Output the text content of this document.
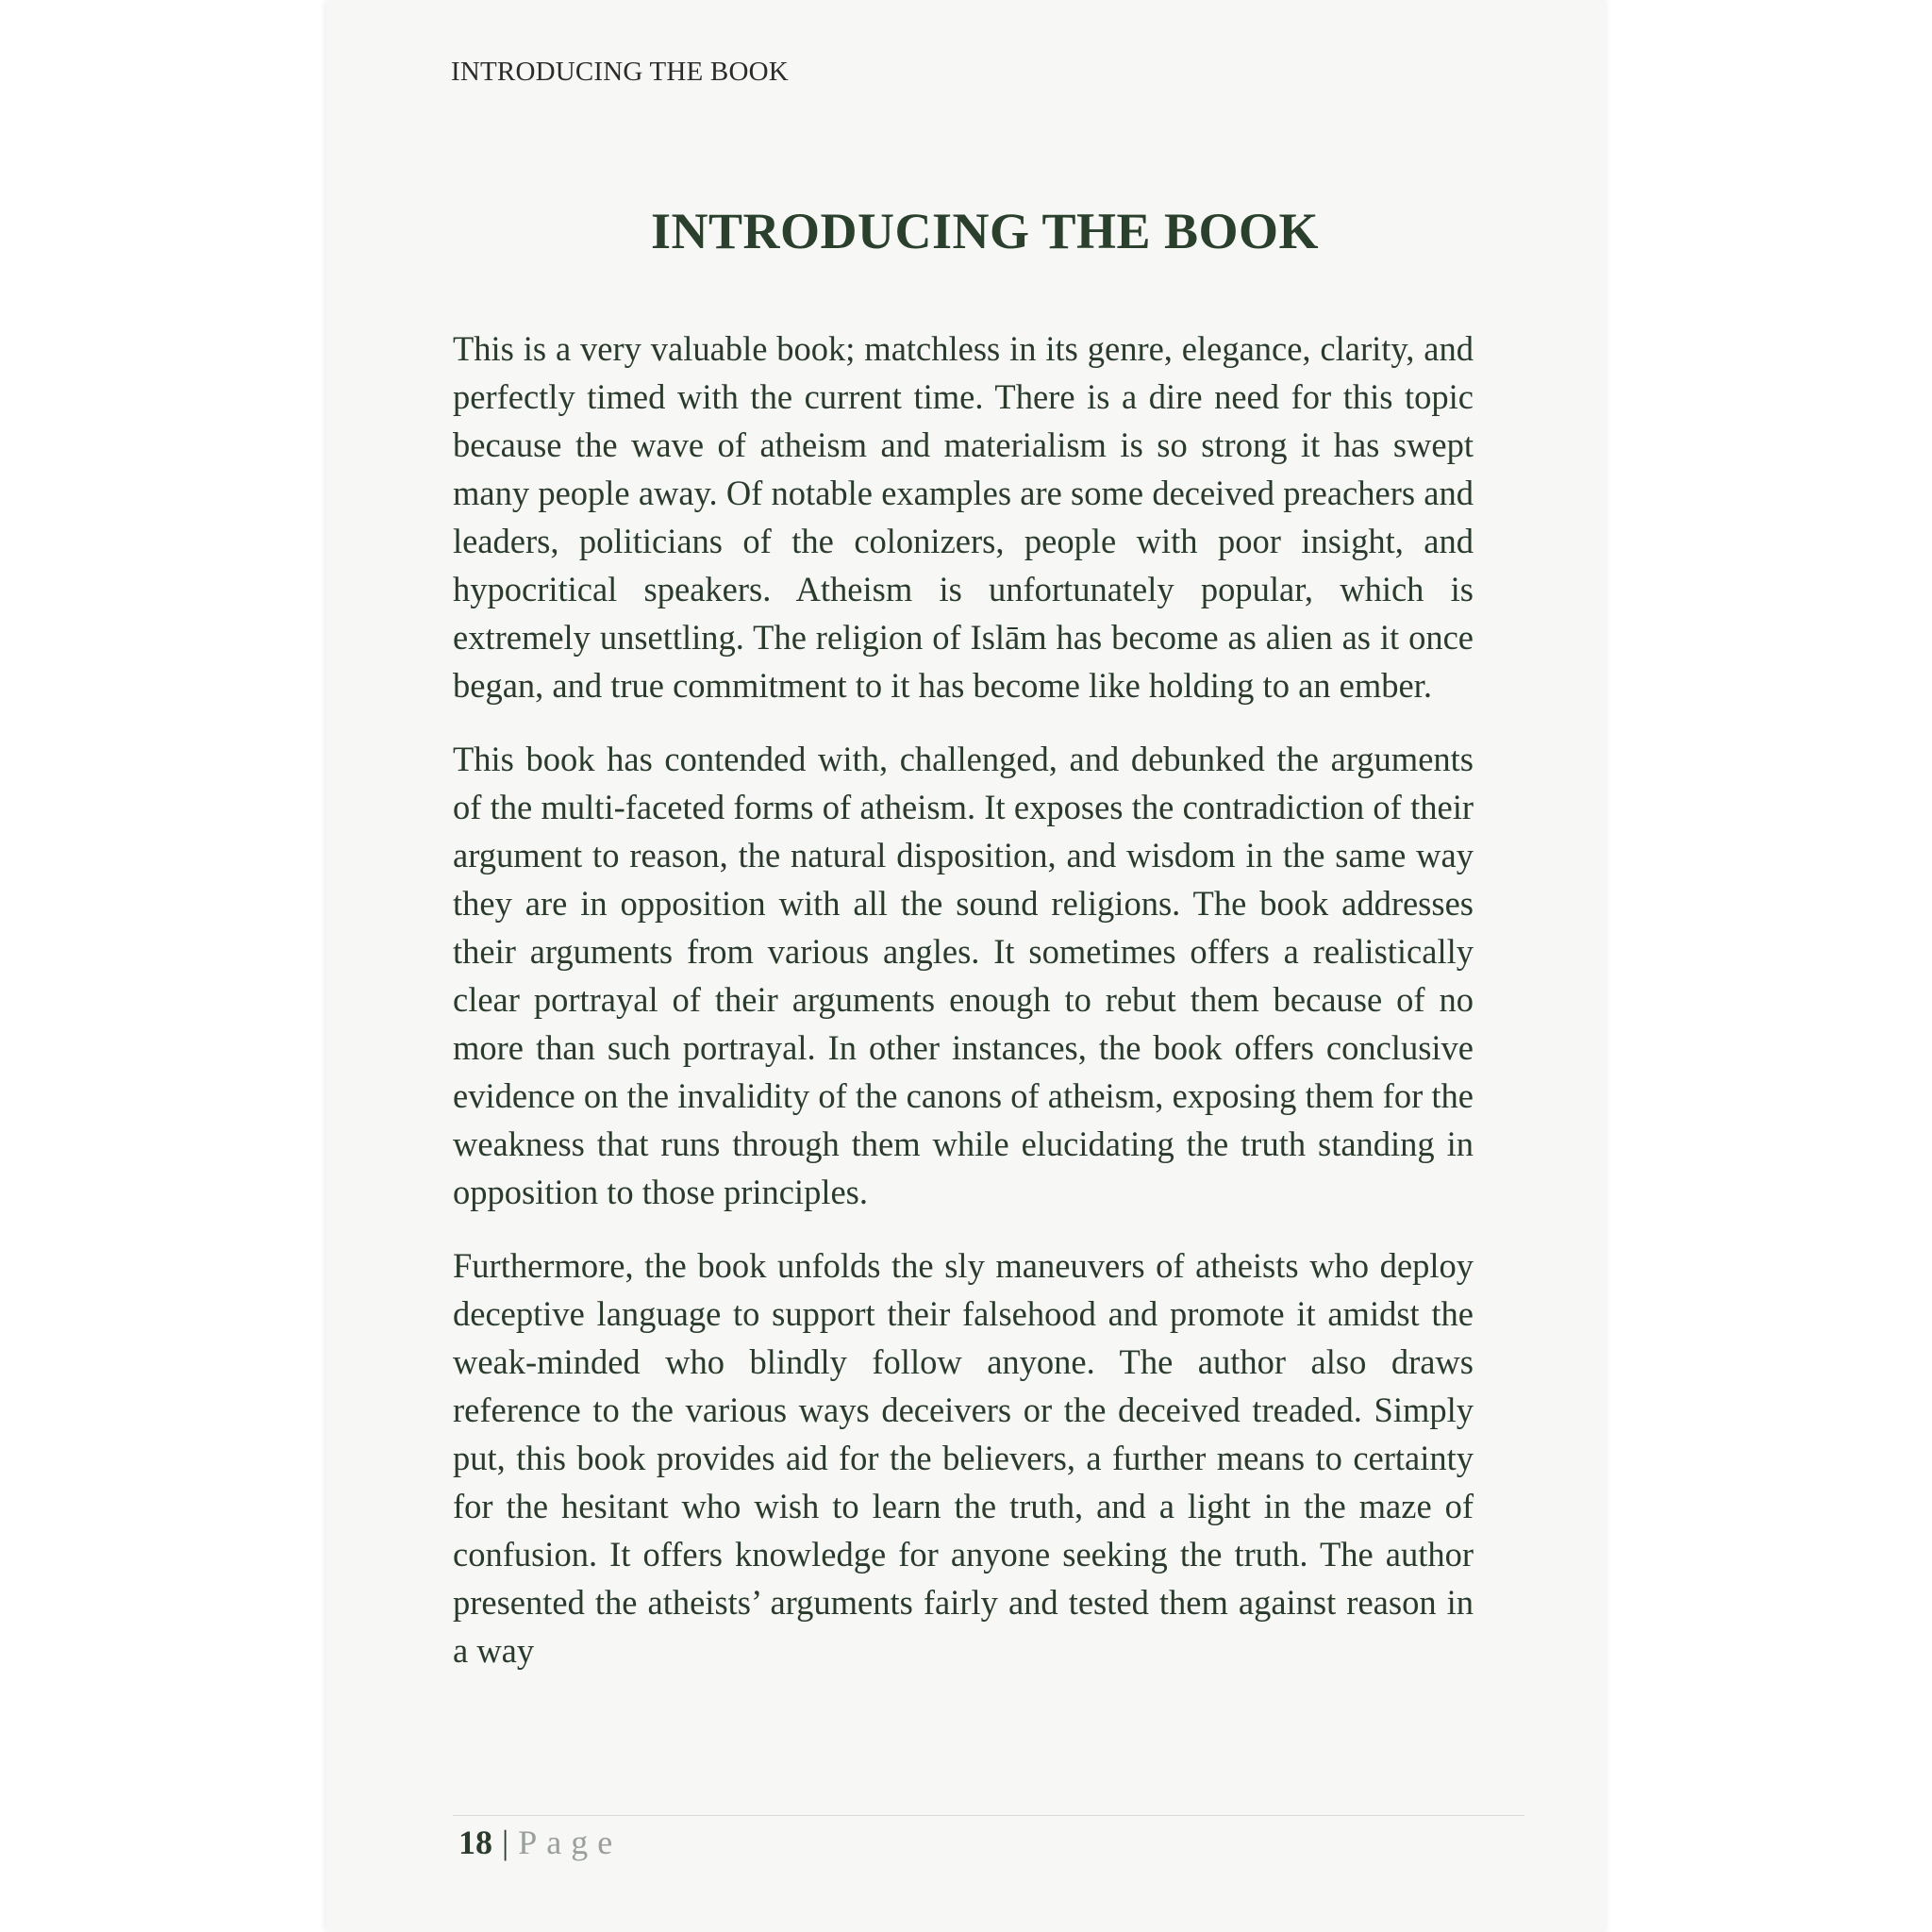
INTRODUCING THE BOOK
INTRODUCING THE BOOK

This is a very valuable book; matchless in its genre, elegance, clarity, and perfectly timed with the current time. There is a dire need for this topic because the wave of atheism and materialism is so strong it has swept many people away. Of notable examples are some deceived preachers and leaders, politicians of the colonizers, people with poor insight, and hypocritical speakers. Atheism is unfortunately popular, which is extremely unsettling. The religion of Islām has become as alien as it once began, and true commitment to it has become like holding to an ember.

This book has contended with, challenged, and debunked the arguments of the multi-faceted forms of atheism. It exposes the contradiction of their argument to reason, the natural disposition, and wisdom in the same way they are in opposition with all the sound religions. The book addresses their arguments from various angles. It sometimes offers a realistically clear portrayal of their arguments enough to rebut them because of no more than such portrayal. In other instances, the book offers conclusive evidence on the invalidity of the canons of atheism, exposing them for the weakness that runs through them while elucidating the truth standing in opposition to those principles.

Furthermore, the book unfolds the sly maneuvers of atheists who deploy deceptive language to support their falsehood and promote it amidst the weak-minded who blindly follow anyone. The author also draws reference to the various ways deceivers or the deceived treaded. Simply put, this book provides aid for the believers, a further means to certainty for the hesitant who wish to learn the truth, and a light in the maze of confusion. It offers knowledge for anyone seeking the truth. The author presented the atheists’ arguments fairly and tested them against reason in a way

18 | Page
